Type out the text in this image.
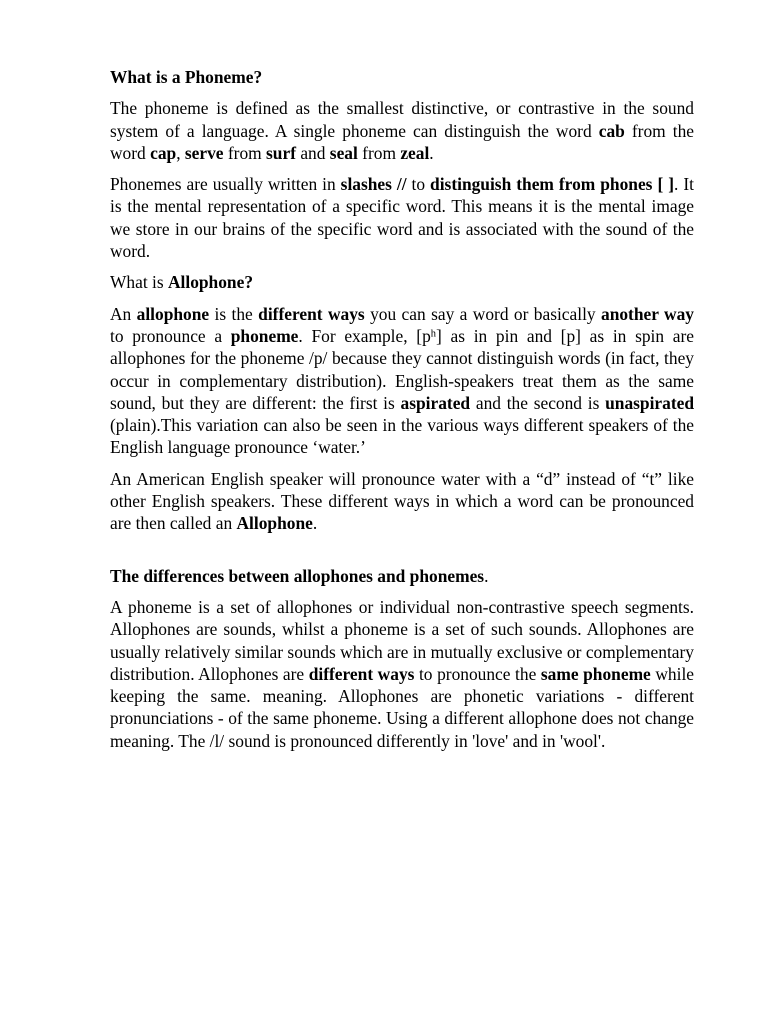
What is a Phoneme?

The phoneme is defined as the smallest distinctive, or contrastive in the sound system of a language. A single phoneme can distinguish the word cab from the word cap, serve from surf and seal from zeal.

Phonemes are usually written in slashes // to distinguish them from phones [ ]. It is the mental representation of a specific word. This means it is the mental image we store in our brains of the specific word and is associated with the sound of the word.

What is Allophone?

An allophone is the different ways you can say a word or basically another way to pronounce a phoneme. For example, $[p^h]$ as in pin and [p] as in spin are allophones for the phoneme /p/ because they cannot distinguish words (in fact, they occur in complementary distribution). English-speakers treat them as the same sound, but they are different: the first is aspirated and the second is unaspirated (plain).This variation can also be seen in the various ways different speakers of the English language pronounce ‘water.’

An American English speaker will pronounce water with a “d” instead of “t” like other English speakers. These different ways in which a word can be pronounced are then called an Allophone.

The differences between allophones and phonemes.

A phoneme is a set of allophones or individual non-contrastive speech segments. Allophones are sounds, whilst a phoneme is a set of such sounds. Allophones are usually relatively similar sounds which are in mutually exclusive or complementary distribution. Allophones are different ways to pronounce the same phoneme while keeping the same. meaning. Allophones are phonetic variations - different pronunciations - of the same phoneme. Using a different allophone does not change meaning. The /l/ sound is pronounced differently in 'love' and in 'wool'.
